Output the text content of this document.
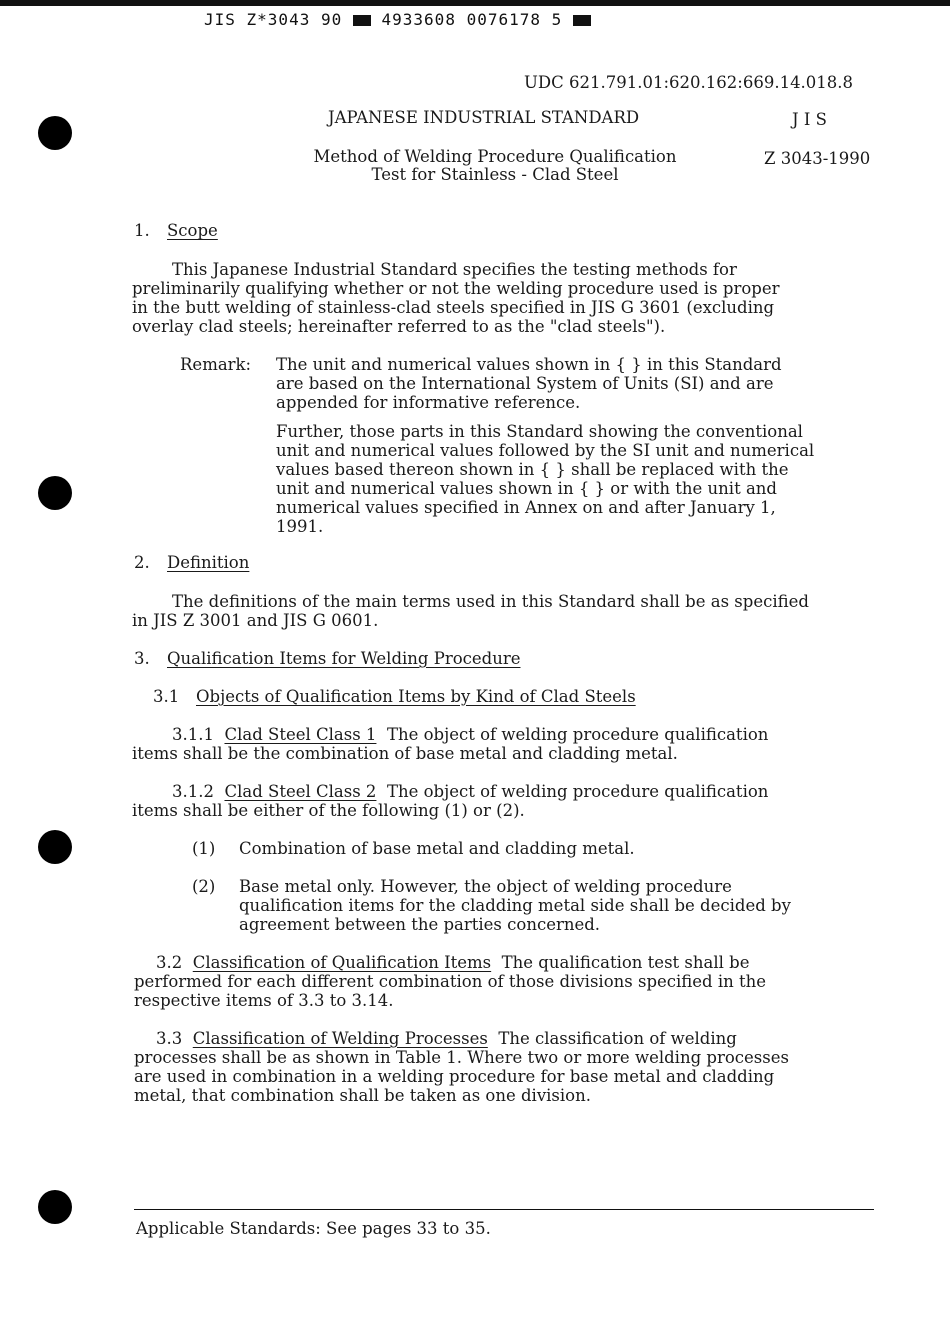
JIS Z*3043 90 4933608 0076178 5
UDC 621.791.01:620.162:669.14.018.8
JAPANESE INDUSTRIAL STANDARD	J I S
Method of Welding Procedure Qualification
Test for Stainless - Clad Steel
Z 3043-1990
1. Scope
This Japanese Industrial Standard specifies the testing methods for
preliminarily qualifying whether or not the welding procedure used is proper
in the butt welding of stainless-clad steels specified in JIS G 3601 (excluding
overlay clad steels; hereinafter referred to as the "clad steels").
Remark: The unit and numerical values shown in { } in this Standard
are based on the International System of Units (SI) and are
appended for informative reference.
Further, those parts in this Standard showing the conventional
unit and numerical values followed by the SI unit and numerical
values based thereon shown in { } shall be replaced with the
unit and numerical values shown in { } or with the unit and
numerical values specified in Annex on and after January 1,
1991.
2. Definition
The definitions of the main terms used in this Standard shall be as specified
in JIS Z 3001 and JIS G 0601.
3. Qualification Items for Welding Procedure
3.1 Objects of Qualification Items by Kind of Clad Steels
3.1.1 Clad Steel Class 1 The object of welding procedure qualification
items shall be the combination of base metal and cladding metal.
3.1.2 Clad Steel Class 2 The object of welding procedure qualification
items shall be either of the following (1) or (2).
(1) Combination of base metal and cladding metal.
(2) Base metal only. However, the object of welding procedure
qualification items for the cladding metal side shall be decided by
agreement between the parties concerned.
3.2 Classification of Qualification Items The qualification test shall be
performed for each different combination of those divisions specified in the
respective items of 3.3 to 3.14.
3.3 Classification of Welding Processes The classification of welding
processes shall be as shown in Table 1. Where two or more welding processes
are used in combination in a welding procedure for base metal and cladding
metal, that combination shall be taken as one division.
Applicable Standards: See pages 33 to 35.
